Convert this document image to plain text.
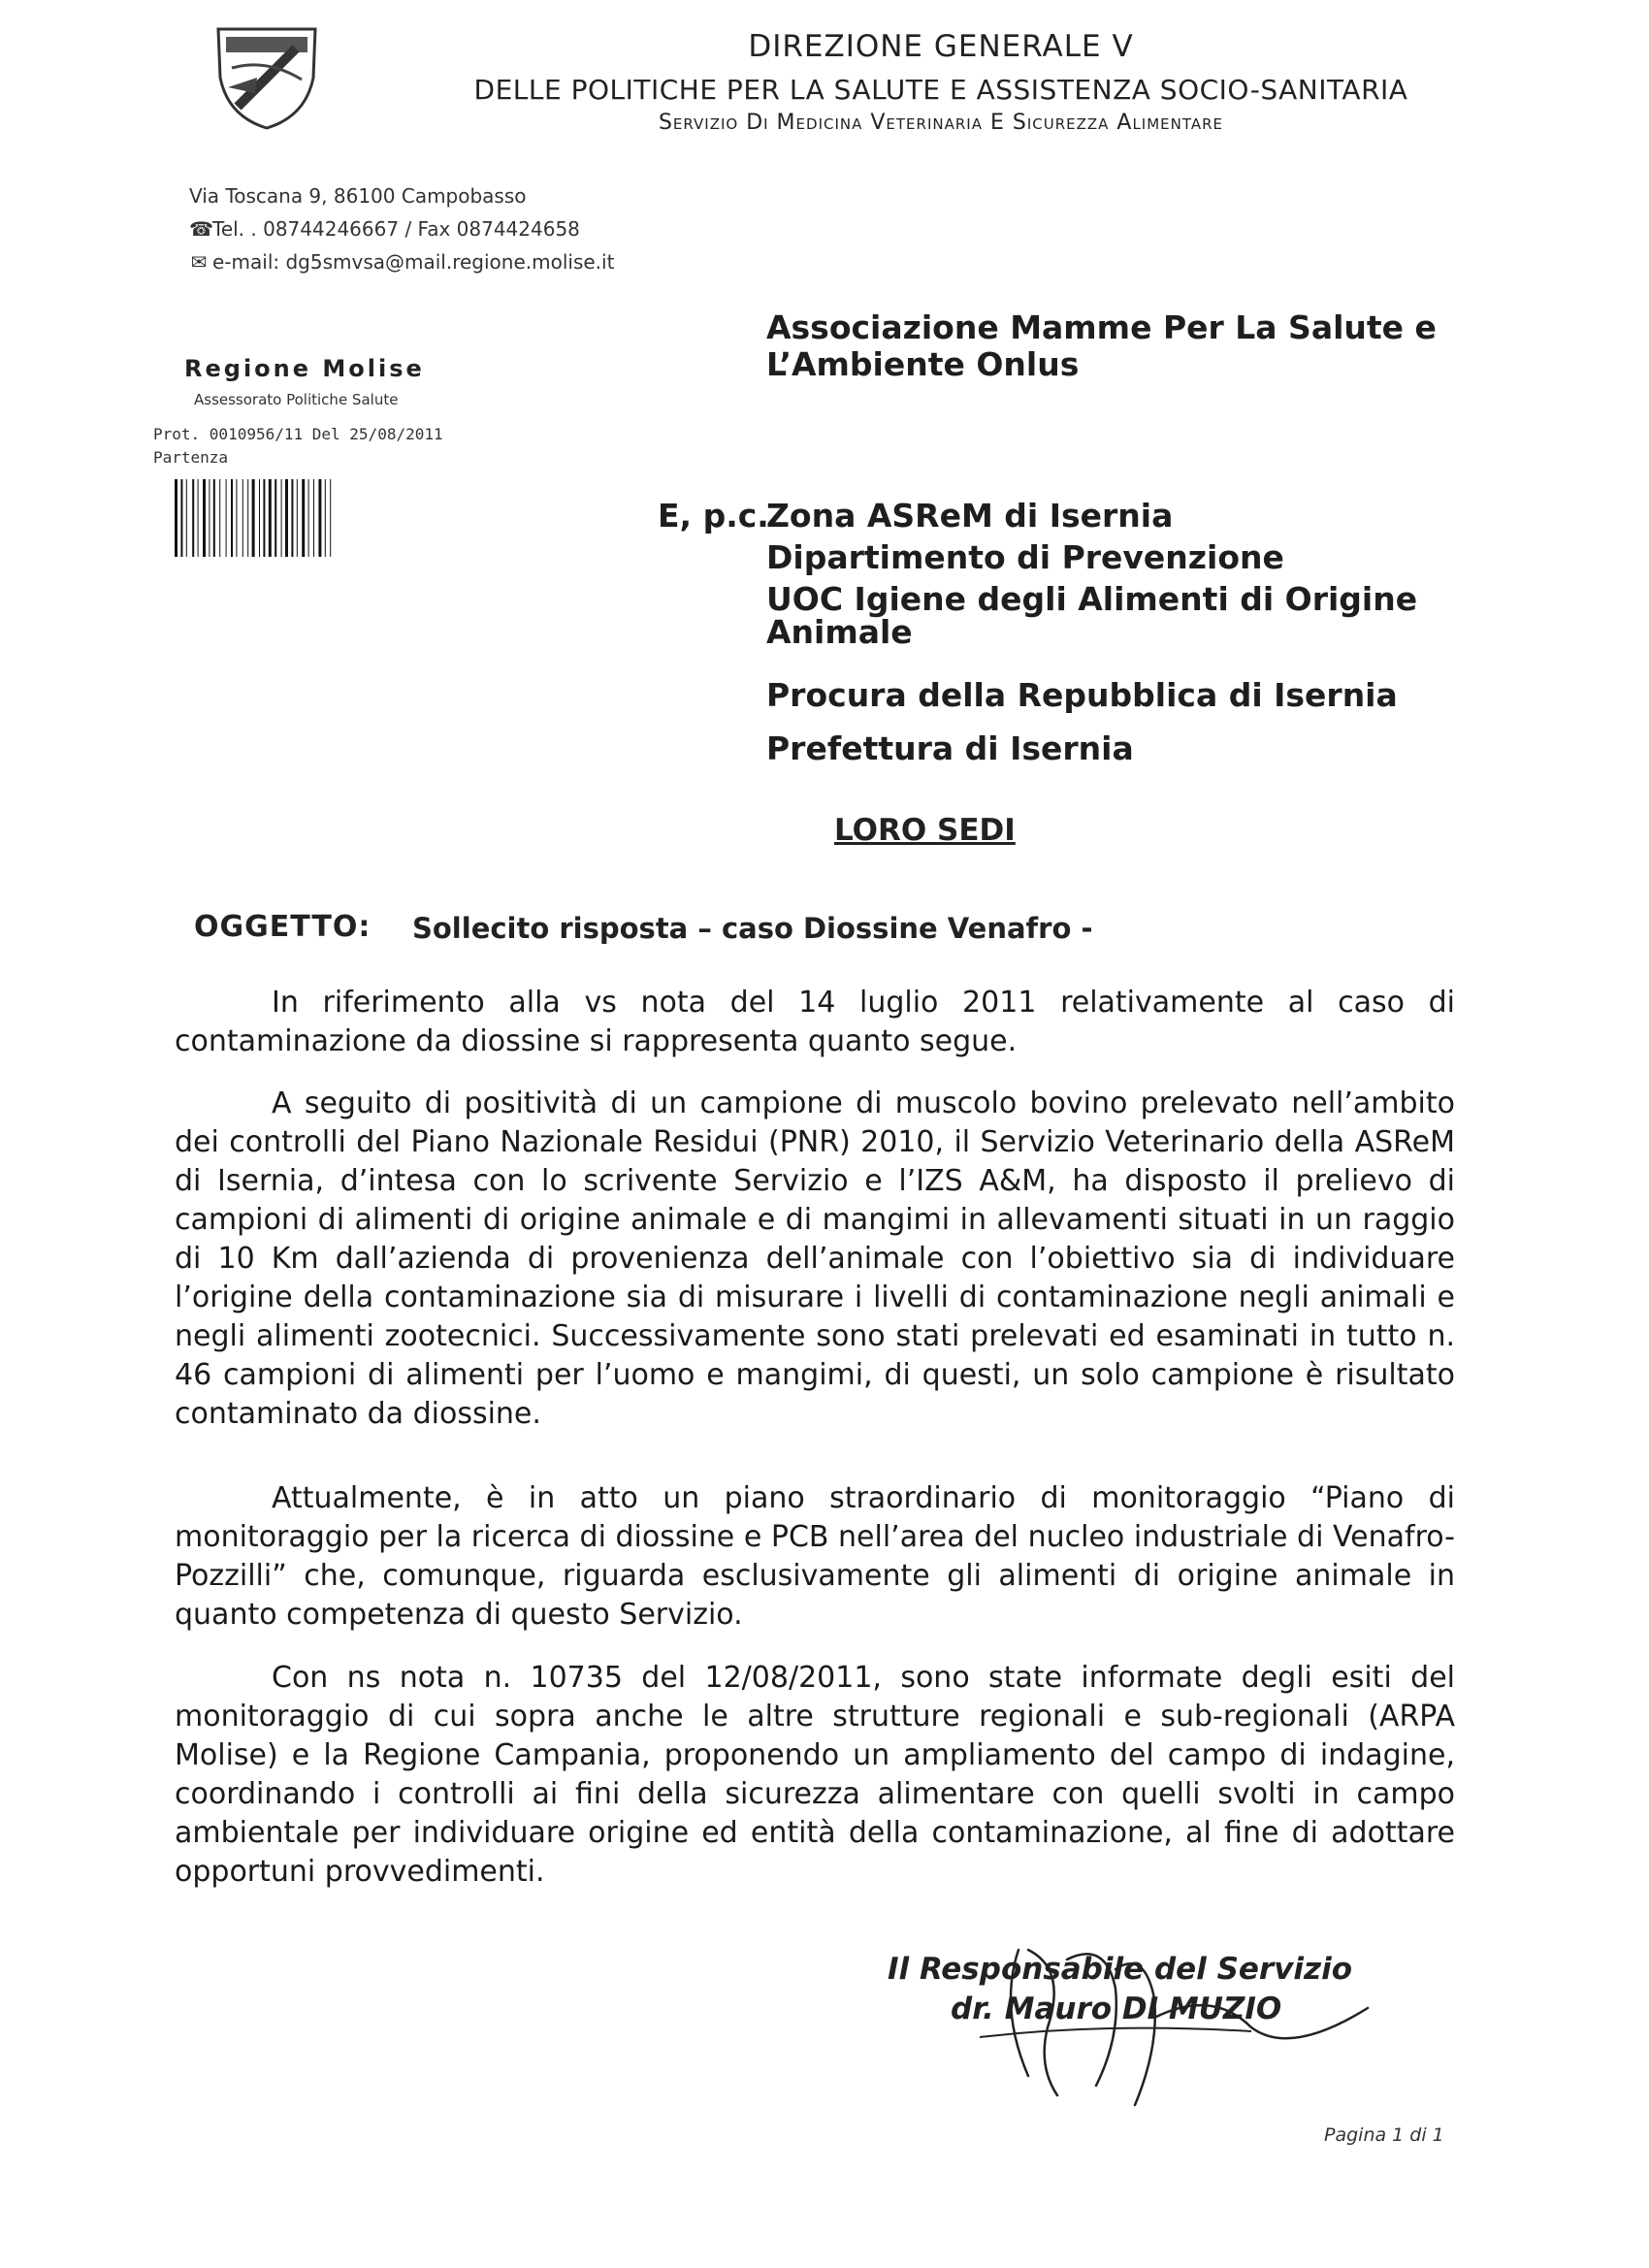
DIREZIONE GENERALE V
DELLE POLITICHE PER LA SALUTE E ASSISTENZA SOCIO-SANITARIA
Servizio Di Medicina Veterinaria E Sicurezza Alimentare
Via Toscana 9, 86100 Campobasso
☎Tel. . 08744246667 / Fax 0874424658
✉ e-mail: dg5smvsa@mail.regione.molise.it
Regione Molise
Assessorato Politiche Salute
Prot. 0010956/11 Del 25/08/2011
Partenza
Associazione Mamme Per La Salute e
L’Ambiente Onlus
E, p.c.
Zona ASReM di Isernia
Dipartimento di Prevenzione
UOC Igiene degli Alimenti di Origine
Animale
Procura della Repubblica di Isernia
Prefettura di Isernia
LORO SEDI
OGGETTO: Sollecito risposta – caso Diossine Venafro -
In riferimento alla vs nota del 14 luglio 2011 relativamente al caso di contaminazione da diossine si rappresenta quanto segue.
A seguito di positività di un campione di muscolo bovino prelevato nell’ambito dei controlli del Piano Nazionale Residui (PNR) 2010, il Servizio Veterinario della ASReM di Isernia, d’intesa con lo scrivente Servizio e l’IZS A&M, ha disposto il prelievo di campioni di alimenti di origine animale e di mangimi in allevamenti situati in un raggio di 10 Km dall’azienda di provenienza dell’animale con l’obiettivo sia di individuare l’origine della contaminazione sia di misurare i livelli di contaminazione negli animali e negli alimenti zootecnici. Successivamente sono stati prelevati ed esaminati in tutto n. 46 campioni di alimenti per l’uomo e mangimi, di questi, un solo campione è risultato contaminato da diossine.
Attualmente, è in atto un piano straordinario di monitoraggio “Piano di monitoraggio per la ricerca di diossine e PCB nell’area del nucleo industriale di Venafro-Pozzilli” che, comunque, riguarda esclusivamente gli alimenti di origine animale in quanto competenza di questo Servizio.
Con ns nota n. 10735 del 12/08/2011, sono state informate degli esiti del monitoraggio di cui sopra anche le altre strutture regionali e sub-regionali (ARPA Molise) e la Regione Campania, proponendo un ampliamento del campo di indagine, coordinando i controlli ai fini della sicurezza alimentare con quelli svolti in campo ambientale per individuare origine ed entità della contaminazione, al fine di adottare opportuni provvedimenti.
Il Responsabile del Servizio
dr. Mauro DI MUZIO
Pagina 1 di 1
